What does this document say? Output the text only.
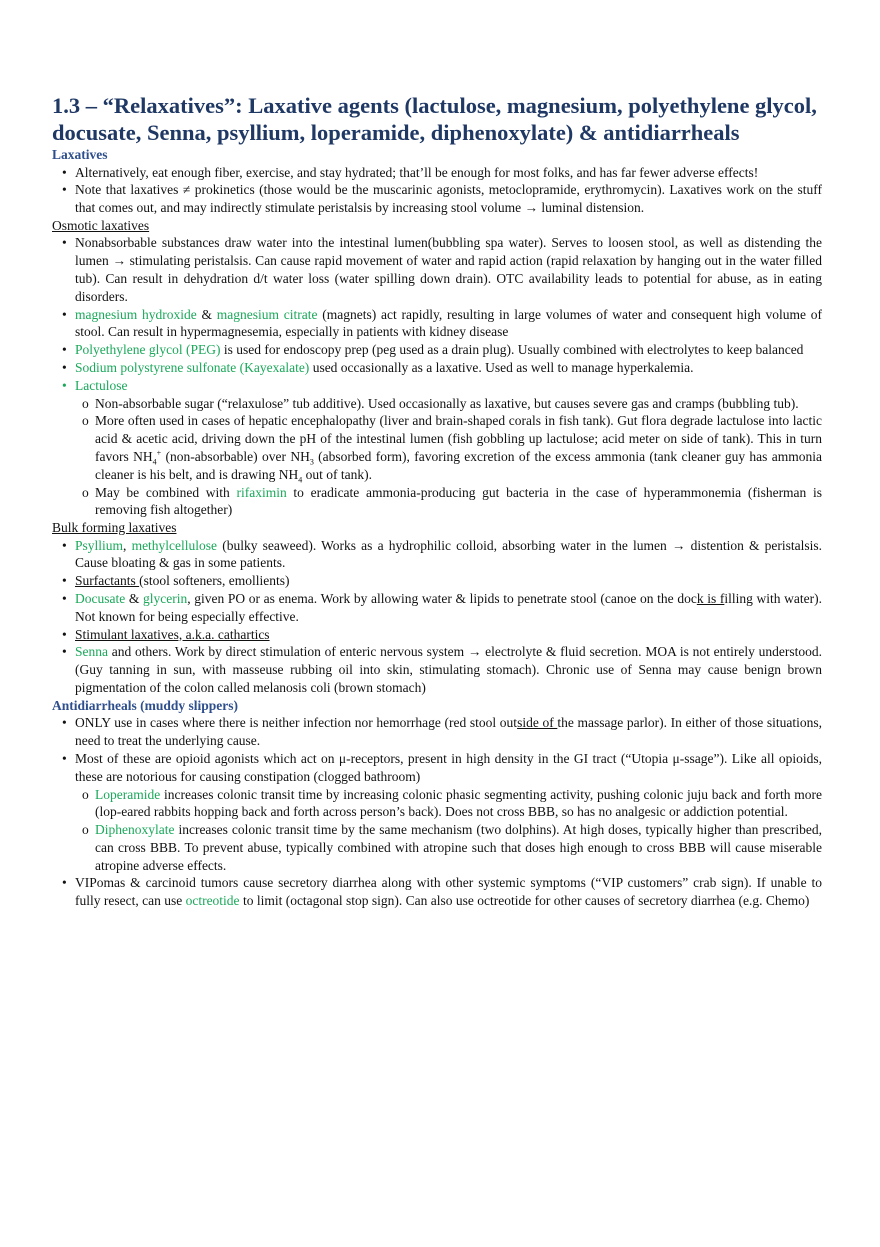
1.3 – “Relaxatives”: Laxative agents (lactulose, magnesium, polyethylene glycol, docusate, Senna, psyllium, loperamide, diphenoxylate) & antidiarrheals
Laxatives
• Alternatively, eat enough fiber, exercise, and stay hydrated; that’ll be enough for most folks, and has far fewer adverse effects!
• Note that laxatives ≠ prokinetics (those would be the muscarinic agonists, metoclopramide, erythromycin). Laxatives work on the stuff that comes out, and may indirectly stimulate peristalsis by increasing stool volume → luminal distension.
Osmotic laxatives
• Nonabsorbable substances draw water into the intestinal lumen(bubbling spa water). Serves to loosen stool, as well as distending the lumen → stimulating peristalsis. Can cause rapid movement of water and rapid action (rapid relaxation by hanging out in the water filled tub). Can result in dehydration d/t water loss (water spilling down drain). OTC availability leads to potential for abuse, as in eating disorders.
• magnesium hydroxide & magnesium citrate (magnets) act rapidly, resulting in large volumes of water and consequent high volume of stool. Can result in hypermagnesemia, especially in patients with kidney disease
• Polyethylene glycol (PEG) is used for endoscopy prep (peg used as a drain plug). Usually combined with electrolytes to keep balanced
• Sodium polystyrene sulfonate (Kayexalate) used occasionally as a laxative. Used as well to manage hyperkalemia.
• Lactulose
o Non-absorbable sugar (“relaxulose” tub additive). Used occasionally as laxative, but causes severe gas and cramps (bubbling tub).
o More often used in cases of hepatic encephalopathy (liver and brain-shaped corals in fish tank). Gut flora degrade lactulose into lactic acid & acetic acid, driving down the pH of the intestinal lumen (fish gobbling up lactulose; acid meter on side of tank). This in turn favors $NH_4^+$ (non-absorbable) over $NH_3$ (absorbed form), favoring excretion of the excess ammonia (tank cleaner guy has ammonia cleaner is his belt, and is drawing $NH_4$ out of tank).
o May be combined with rifaximin to eradicate ammonia-producing gut bacteria in the case of hyperammonemia (fisherman is removing fish altogether)
Bulk forming laxatives
• Psyllium, methylcellulose (bulky seaweed). Works as a hydrophilic colloid, absorbing water in the lumen → distention & peristalsis. Cause bloating & gas in some patients.
• Surfactants (stool softeners, emollients)
• Docusate & glycerin, given PO or as enema. Work by allowing water & lipids to penetrate stool (canoe on the dock is filling with water). Not known for being especially effective.
• Stimulant laxatives, a.k.a. cathartics
• Senna and others. Work by direct stimulation of enteric nervous system → electrolyte & fluid secretion. MOA is not entirely understood. (Guy tanning in sun, with masseuse rubbing oil into skin, stimulating stomach). Chronic use of Senna may cause benign brown pigmentation of the colon called melanosis coli (brown stomach)
Antidiarrheals (muddy slippers)
• ONLY use in cases where there is neither infection nor hemorrhage (red stool outside of the massage parlor). In either of those situations, need to treat the underlying cause.
• Most of these are opioid agonists which act on μ-receptors, present in high density in the GI tract (“Utopia μ-ssage”). Like all opioids, these are notorious for causing constipation (clogged bathroom)
o Loperamide increases colonic transit time by increasing colonic phasic segmenting activity, pushing colonic juju back and forth more (lop-eared rabbits hopping back and forth across person’s back). Does not cross BBB, so has no analgesic or addiction potential.
o Diphenoxylate increases colonic transit time by the same mechanism (two dolphins). At high doses, typically higher than prescribed, can cross BBB. To prevent abuse, typically combined with atropine such that doses high enough to cross BBB will cause miserable atropine adverse effects.
• VIPomas & carcinoid tumors cause secretory diarrhea along with other systemic symptoms (“VIP customers” crab sign). If unable to fully resect, can use octreotide to limit (octagonal stop sign). Can also use octreotide for other causes of secretory diarrhea (e.g. Chemo)
